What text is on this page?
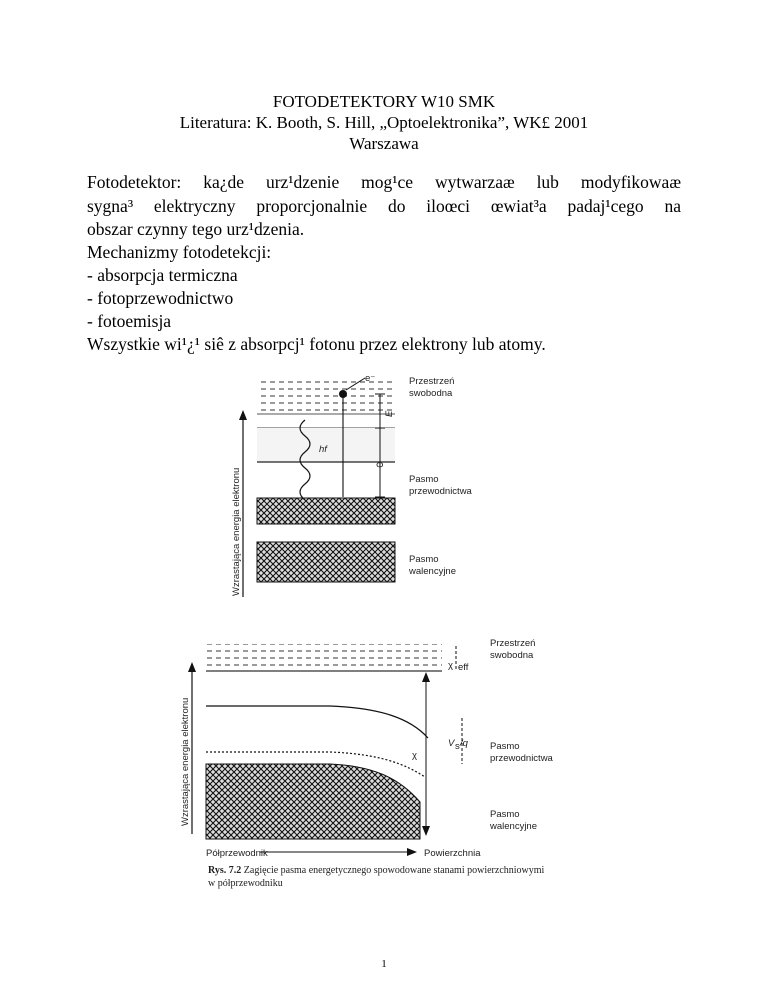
FOTODETEKTORY W10 SMK
Literatura: K. Booth, S. Hill, „Optoelektronika”, WK£ 2001
Warszawa
Fotodetektor: ka¿de urz¹dzenie mog¹ce wytwarzaæ lub modyfikowaæ
sygna³ elektryczny proporcjonalnie do iloœci œwiat³a padaj¹cego na
obszar czynny tego urz¹dzenia.
Mechanizmy fotodetekcji:
- absorpcja termiczna
- fotoprzewodnictwo
- fotoemisja
Wszystkie wi¹¿¹ siê z absorpcj¹ fotonu przez elektrony lub atomy.
Wzrastająca energia elektronu
hf
e⁻
E
Φ
Przestrzeń
swobodna
Pasmo
przewodnictwa
Pasmo
walencyjne
Wzrastająca energia elektronu
χ eff
χ
V s /q
Przestrzeń
swobodna
Pasmo
przewodnictwa
Pasmo
walencyjne
Półprzewodnik	Powierzchnia
Rys. 7.2 Zagięcie pasma energetycznego spowodowane stanami powierzchniowymi
w półprzewodniku
1
